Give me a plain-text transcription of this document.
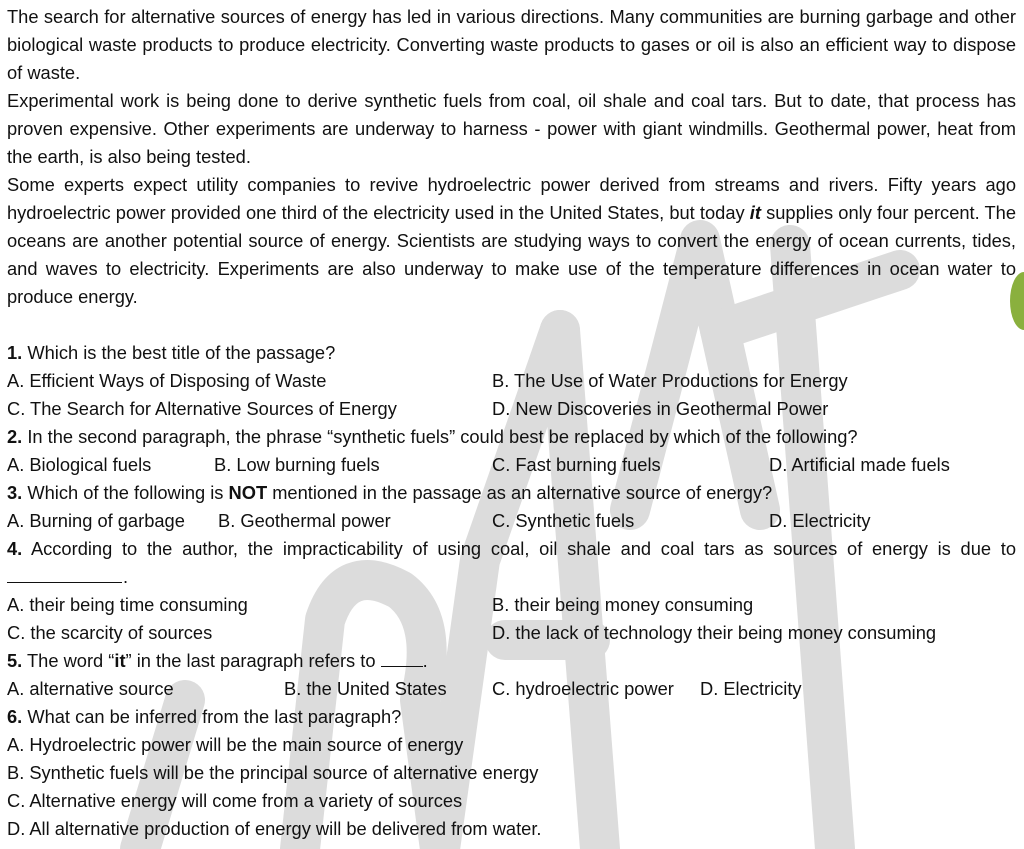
The search for alternative sources of energy has led in various directions. Many communities are burning garbage and other biological waste products to produce electricity. Converting waste products to gases or oil is also an efficient way to dispose of waste.

Experimental work is being done to derive synthetic fuels from coal, oil shale and coal tars. But to date, that process has proven expensive. Other experiments are underway to harness - power with giant windmills. Geothermal power, heat from the earth, is also being tested.

Some experts expect utility companies to revive hydroelectric power derived from streams and rivers. Fifty years ago hydroelectric power provided one third of the electricity used in the United States, but today it supplies only four percent. The oceans are another potential source of energy. Scientists are studying ways to convert the energy of ocean currents, tides, and waves to electricity. Experiments are also underway to make use of the temperature differences in ocean water to produce energy.

1. Which is the best title of the passage?

A. Efficient Ways of Disposing of Waste	B. The Use of Water Productions for Energy
C. The Search for Alternative Sources of Energy	D. New Discoveries in Geothermal Power

2. In the second paragraph, the phrase “synthetic fuels” could best be replaced by which of the following?

A. Biological fuels	B. Low burning fuels	C. Fast burning fuels	D. Artificial made fuels

3. Which of the following is NOT mentioned in the passage as an alternative source of energy?

A. Burning of garbage B. Geothermal power	C. Synthetic fuels	D. Electricity

4. According to the author, the impracticability of using coal, oil shale and coal tars as sources of energy is due to

.
A. their being time consuming	B. their being money consuming
C. the scarcity of sources	D. the lack of technology their being money consuming

5. The word “it” in the last paragraph refers to .

A. alternative source	B. the United States C. hydroelectric power D. Electricity

6. What can be inferred from the last paragraph?

A. Hydroelectric power will be the main source of energy

B. Synthetic fuels will be the principal source of alternative energy

C. Alternative energy will come from a variety of sources

D. All alternative production of energy will be delivered from water.
